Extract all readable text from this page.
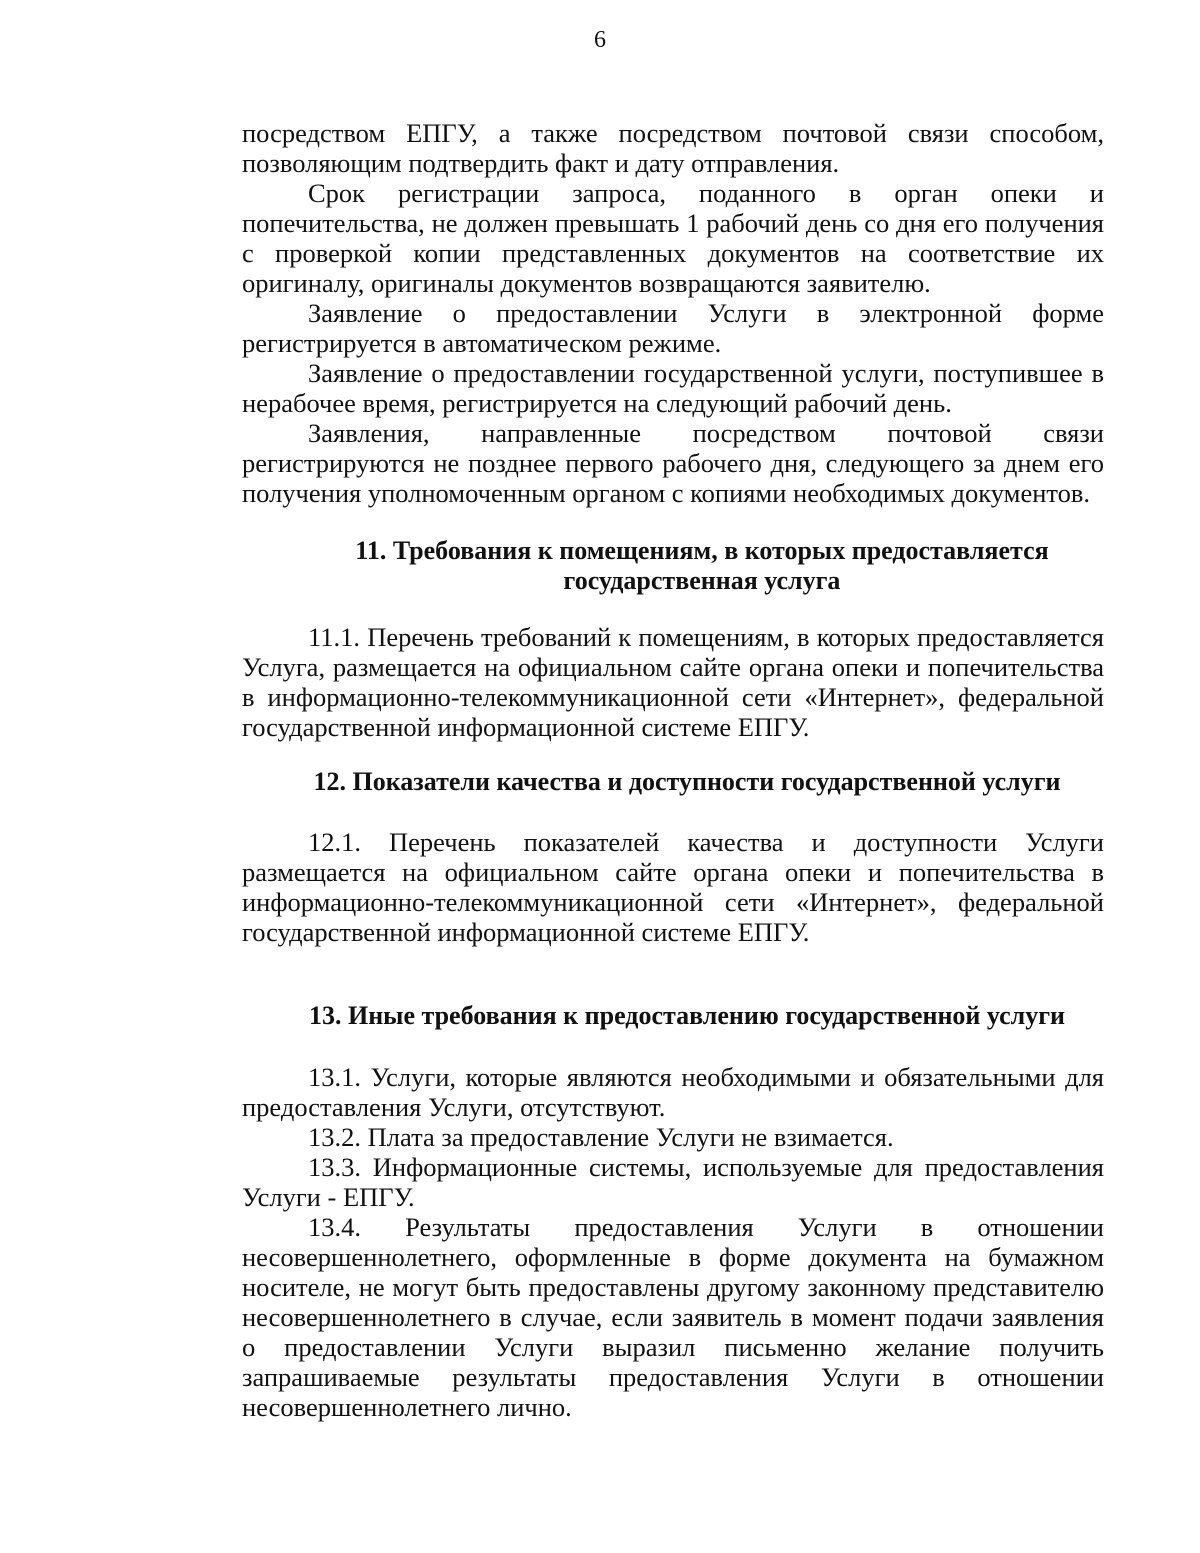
6

посредством ЕПГУ, а также посредством почтовой связи способом, позволяющим подтвердить факт и дату отправления.

Срок регистрации запроса, поданного в орган опеки и попечительства, не должен превышать 1 рабочий день со дня его получения с проверкой копии представленных документов на соответствие их оригиналу, оригиналы документов возвращаются заявителю.

Заявление о предоставлении Услуги в электронной форме регистрируется в автоматическом режиме.

Заявление о предоставлении государственной услуги, поступившее в нерабочее время, регистрируется на следующий рабочий день.

Заявления, направленные посредством почтовой связи регистрируются не позднее первого рабочего дня, следующего за днем его получения уполномоченным органом с копиями необходимых документов.

11. Требования к помещениям, в которых предоставляется
государственная услуга

11.1. Перечень требований к помещениям, в которых предоставляется Услуга, размещается на официальном сайте органа опеки и попечительства в информационно-телекоммуникационной сети «Интернет», федеральной государственной информационной системе ЕПГУ.

12. Показатели качества и доступности государственной услуги

12.1. Перечень показателей качества и доступности Услуги размещается на официальном сайте органа опеки и попечительства в информационно-телекоммуникационной сети «Интернет», федеральной государственной информационной системе ЕПГУ.

13. Иные требования к предоставлению государственной услуги

13.1. Услуги, которые являются необходимыми и обязательными для предоставления Услуги, отсутствуют.

13.2. Плата за предоставление Услуги не взимается.

13.3. Информационные системы, используемые для предоставления Услуги - ЕПГУ.

13.4. Результаты предоставления Услуги в отношении несовершеннолетнего, оформленные в форме документа на бумажном носителе, не могут быть предоставлены другому законному представителю несовершеннолетнего в случае, если заявитель в момент подачи заявления о предоставлении Услуги выразил письменно желание получить запрашиваемые результаты предоставления Услуги в отношении несовершеннолетнего лично.
